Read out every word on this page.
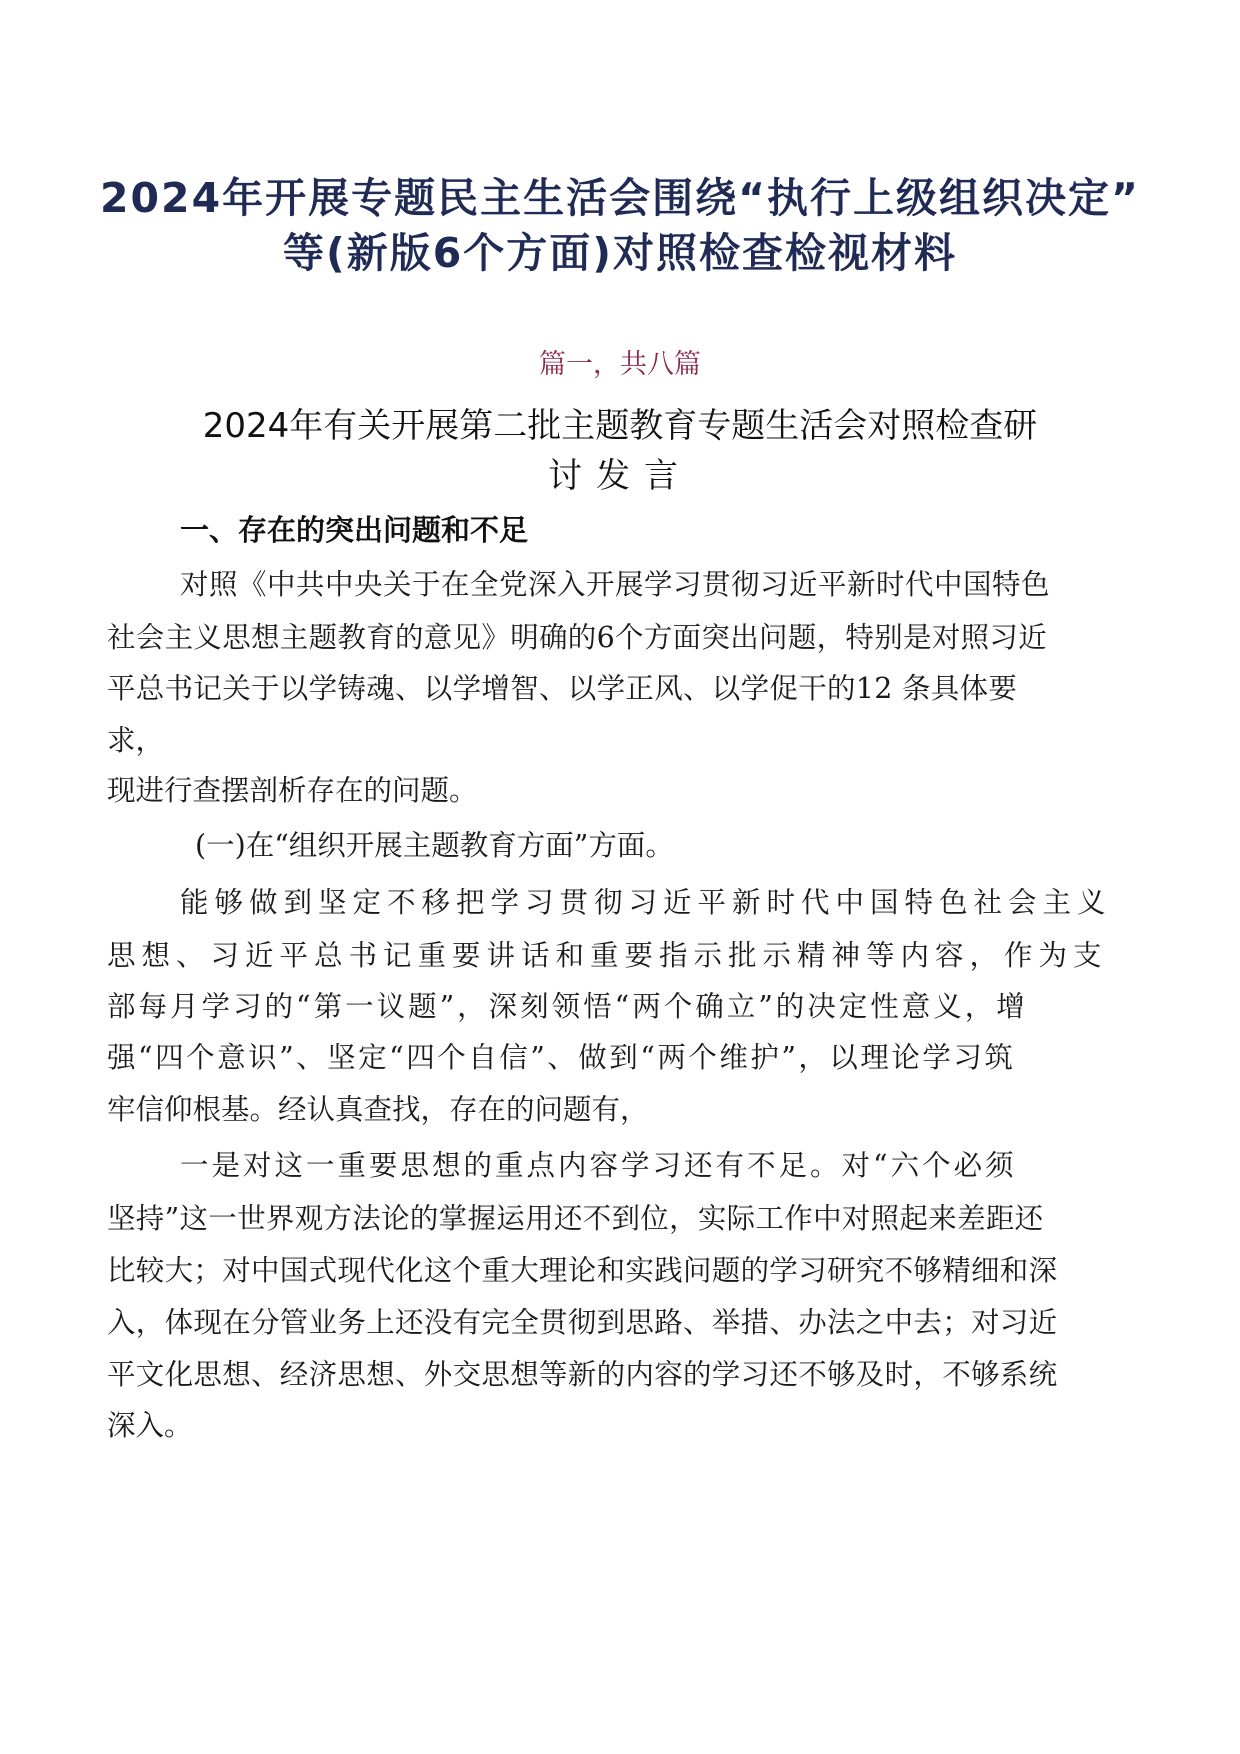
2024年开展专题民主生活会围绕“执行上级组织决定”
等(新版6个方面)对照检查检视材料
篇一，共八篇
2024年有关开展第二批主题教育专题生活会对照检查研
讨发言
一、存在的突出问题和不足
对照《中共中央关于在全党深入开展学习贯彻习近平新时代中国特色
社会主义思想主题教育的意见》明确的6个方面突出问题，特别是对照习近
平总书记关于以学铸魂、以学增智、以学正风、以学促干的12 条具体要
求，
现进行查摆剖析存在的问题。
(一)在“组织开展主题教育方面”方面。
能够做到坚定不移把学习贯彻习近平新时代中国特色社会主义
思想、习近平总书记重要讲话和重要指示批示精神等内容，作为支
部每月学习的“第一议题”，深刻领悟“两个确立”的决定性意义，增
强“四个意识”、坚定“四个自信”、做到“两个维护”，以理论学习筑
牢信仰根基。经认真查找，存在的问题有，
一是对这一重要思想的重点内容学习还有不足。对“六个必须
坚持”这一世界观方法论的掌握运用还不到位，实际工作中对照起来差距还
比较大；对中国式现代化这个重大理论和实践问题的学习研究不够精细和深
入，体现在分管业务上还没有完全贯彻到思路、举措、办法之中去；对习近
平文化思想、经济思想、外交思想等新的内容的学习还不够及时，不够系统
深入。
